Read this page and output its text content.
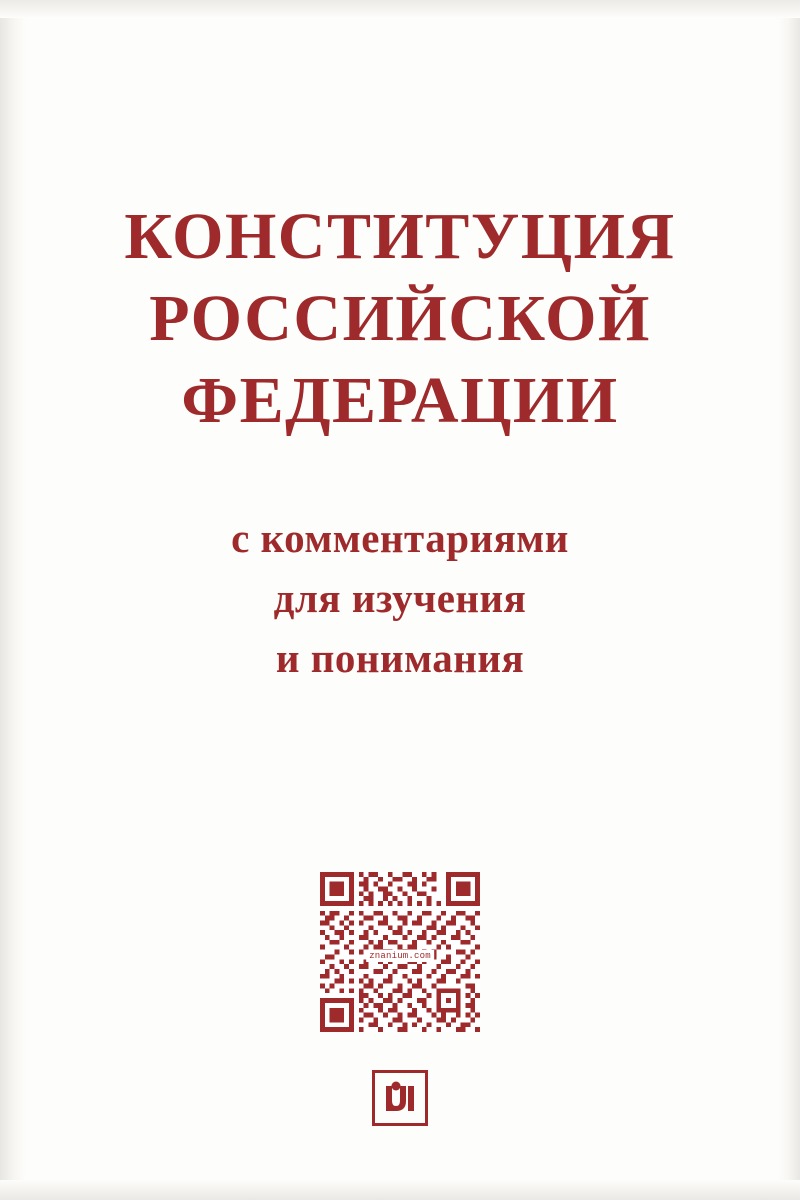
КОНСТИТУЦИЯ
РОССИЙСКОЙ
ФЕДЕРАЦИИ
с комментариями
для изучения
и понимания
znanium.com
